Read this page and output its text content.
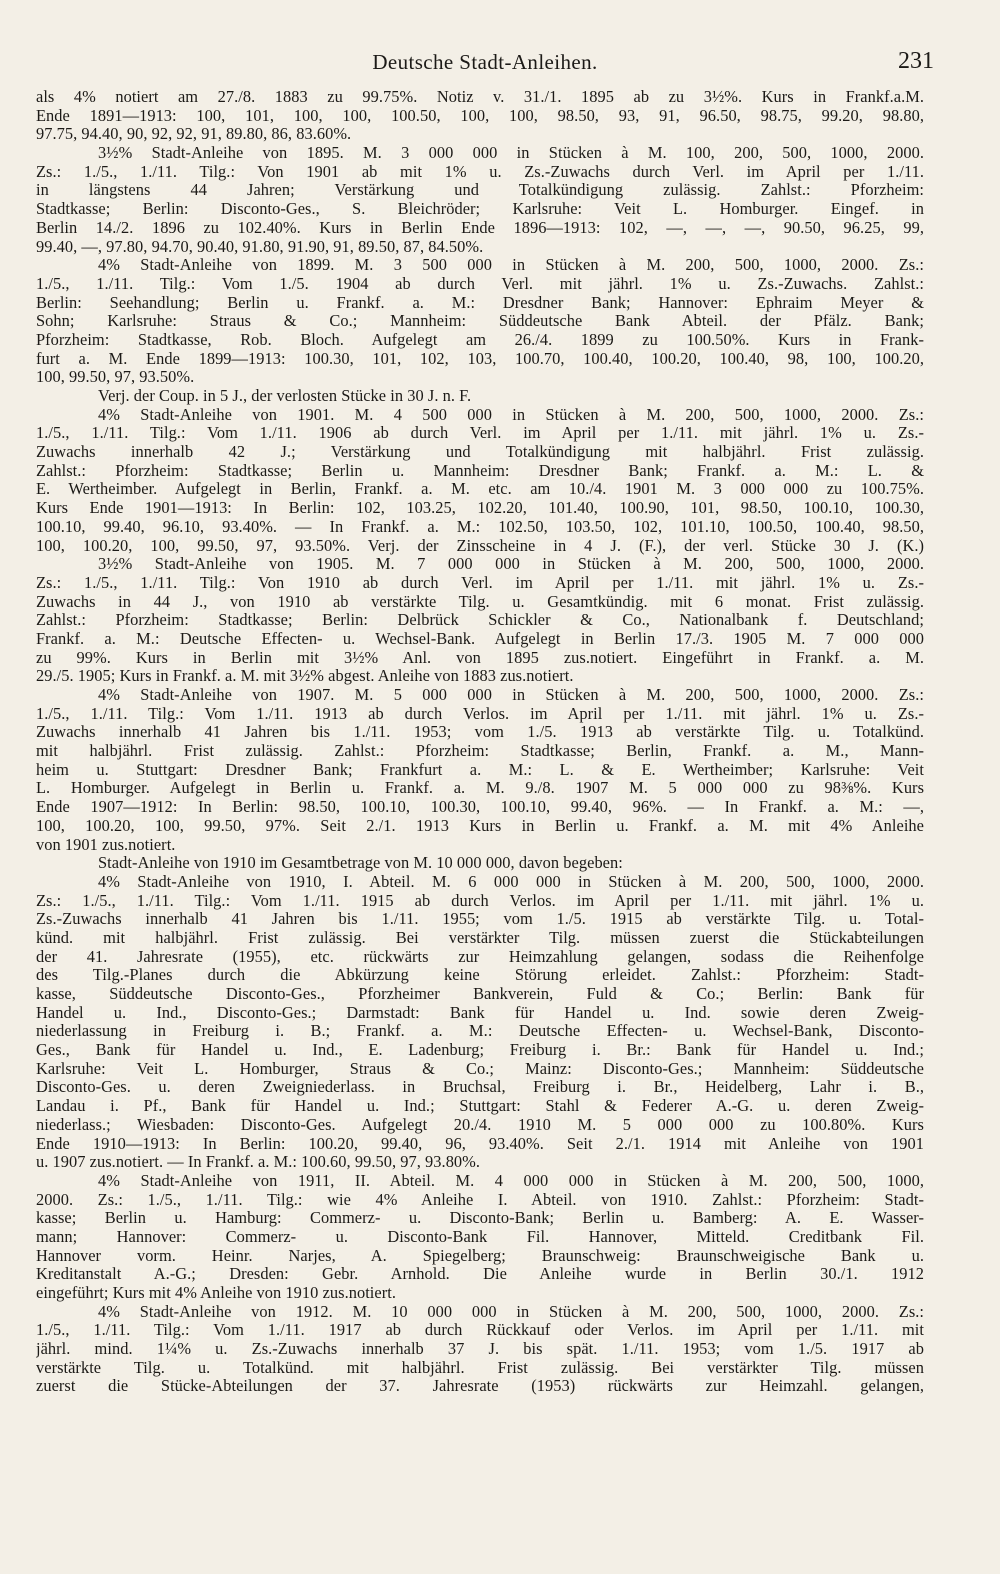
Deutsche Stadt-Anleihen.	231
als 4% notiert am 27./8. 1883 zu 99.75%. Notiz v. 31./1. 1895 ab zu 3½%. Kurs in Frankf.a.M.
Ende 1891—1913: 100, 101, 100, 100, 100.50, 100, 100, 98.50, 93, 91, 96.50, 98.75, 99.20, 98.80,
97.75, 94.40, 90, 92, 92, 91, 89.80, 86, 83.60%.
3½% Stadt-Anleihe von 1895. M. 3 000 000 in Stücken à M. 100, 200, 500, 1000, 2000.
Zs.: 1./5., 1./11. Tilg.: Von 1901 ab mit 1% u. Zs.-Zuwachs durch Verl. im April per 1./11.
in längstens 44 Jahren; Verstärkung und Totalkündigung zulässig. Zahlst.: Pforzheim:
Stadtkasse; Berlin: Disconto-Ges., S. Bleichröder; Karlsruhe: Veit L. Homburger. Eingef. in
Berlin 14./2. 1896 zu 102.40%. Kurs in Berlin Ende 1896—1913: 102, —, —, —, 90.50, 96.25, 99,
99.40, —, 97.80, 94.70, 90.40, 91.80, 91.90, 91, 89.50, 87, 84.50%.
4% Stadt-Anleihe von 1899. M. 3 500 000 in Stücken à M. 200, 500, 1000, 2000. Zs.:
1./5., 1./11. Tilg.: Vom 1./5. 1904 ab durch Verl. mit jährl. 1% u. Zs.-Zuwachs. Zahlst.:
Berlin: Seehandlung; Berlin u. Frankf. a. M.: Dresdner Bank; Hannover: Ephraim Meyer &
Sohn; Karlsruhe: Straus & Co.; Mannheim: Süddeutsche Bank Abteil. der Pfälz. Bank;
Pforzheim: Stadtkasse, Rob. Bloch. Aufgelegt am 26./4. 1899 zu 100.50%. Kurs in Frank-
furt a. M. Ende 1899—1913: 100.30, 101, 102, 103, 100.70, 100.40, 100.20, 100.40, 98, 100, 100.20,
100, 99.50, 97, 93.50%.
Verj. der Coup. in 5 J., der verlosten Stücke in 30 J. n. F.
4% Stadt-Anleihe von 1901. M. 4 500 000 in Stücken à M. 200, 500, 1000, 2000. Zs.:
1./5., 1./11. Tilg.: Vom 1./11. 1906 ab durch Verl. im April per 1./11. mit jährl. 1% u. Zs.-
Zuwachs innerhalb 42 J.; Verstärkung und Totalkündigung mit halbjährl. Frist zulässig.
Zahlst.: Pforzheim: Stadtkasse; Berlin u. Mannheim: Dresdner Bank; Frankf. a. M.: L. &
E. Wertheimber. Aufgelegt in Berlin, Frankf. a. M. etc. am 10./4. 1901 M. 3 000 000 zu 100.75%.
Kurs Ende 1901—1913: In Berlin: 102, 103.25, 102.20, 101.40, 100.90, 101, 98.50, 100.10, 100.30,
100.10, 99.40, 96.10, 93.40%. — In Frankf. a. M.: 102.50, 103.50, 102, 101.10, 100.50, 100.40, 98.50,
100, 100.20, 100, 99.50, 97, 93.50%. Verj. der Zinsscheine in 4 J. (F.), der verl. Stücke 30 J. (K.)
3½% Stadt-Anleihe von 1905. M. 7 000 000 in Stücken à M. 200, 500, 1000, 2000.
Zs.: 1./5., 1./11. Tilg.: Von 1910 ab durch Verl. im April per 1./11. mit jährl. 1% u. Zs.-
Zuwachs in 44 J., von 1910 ab verstärkte Tilg. u. Gesamtkündig. mit 6 monat. Frist zulässig.
Zahlst.: Pforzheim: Stadtkasse; Berlin: Delbrück Schickler & Co., Nationalbank f. Deutschland;
Frankf. a. M.: Deutsche Effecten- u. Wechsel-Bank. Aufgelegt in Berlin 17./3. 1905 M. 7 000 000
zu 99%. Kurs in Berlin mit 3½% Anl. von 1895 zus.notiert. Eingeführt in Frankf. a. M.
29./5. 1905; Kurs in Frankf. a. M. mit 3½% abgest. Anleihe von 1883 zus.notiert.
4% Stadt-Anleihe von 1907. M. 5 000 000 in Stücken à M. 200, 500, 1000, 2000. Zs.:
1./5., 1./11. Tilg.: Vom 1./11. 1913 ab durch Verlos. im April per 1./11. mit jährl. 1% u. Zs.-
Zuwachs innerhalb 41 Jahren bis 1./11. 1953; vom 1./5. 1913 ab verstärkte Tilg. u. Totalkünd.
mit halbjährl. Frist zulässig. Zahlst.: Pforzheim: Stadtkasse; Berlin, Frankf. a. M., Mann-
heim u. Stuttgart: Dresdner Bank; Frankfurt a. M.: L. & E. Wertheimber; Karlsruhe: Veit
L. Homburger. Aufgelegt in Berlin u. Frankf. a. M. 9./8. 1907 M. 5 000 000 zu 98⅜%. Kurs
Ende 1907—1912: In Berlin: 98.50, 100.10, 100.30, 100.10, 99.40, 96%. — In Frankf. a. M.: —,
100, 100.20, 100, 99.50, 97%. Seit 2./1. 1913 Kurs in Berlin u. Frankf. a. M. mit 4% Anleihe
von 1901 zus.notiert.
Stadt-Anleihe von 1910 im Gesamtbetrage von M. 10 000 000, davon begeben:
4% Stadt-Anleihe von 1910, I. Abteil. M. 6 000 000 in Stücken à M. 200, 500, 1000, 2000.
Zs.: 1./5., 1./11. Tilg.: Vom 1./11. 1915 ab durch Verlos. im April per 1./11. mit jährl. 1% u.
Zs.-Zuwachs innerhalb 41 Jahren bis 1./11. 1955; vom 1./5. 1915 ab verstärkte Tilg. u. Total-
künd. mit halbjährl. Frist zulässig. Bei verstärkter Tilg. müssen zuerst die Stückabteilungen
der 41. Jahresrate (1955), etc. rückwärts zur Heimzahlung gelangen, sodass die Reihenfolge
des Tilg.-Planes durch die Abkürzung keine Störung erleidet. Zahlst.: Pforzheim: Stadt-
kasse, Süddeutsche Disconto-Ges., Pforzheimer Bankverein, Fuld & Co.; Berlin: Bank für
Handel u. Ind., Disconto-Ges.; Darmstadt: Bank für Handel u. Ind. sowie deren Zweig-
niederlassung in Freiburg i. B.; Frankf. a. M.: Deutsche Effecten- u. Wechsel-Bank, Disconto-
Ges., Bank für Handel u. Ind., E. Ladenburg; Freiburg i. Br.: Bank für Handel u. Ind.;
Karlsruhe: Veit L. Homburger, Straus & Co.; Mainz: Disconto-Ges.; Mannheim: Süddeutsche
Disconto-Ges. u. deren Zweigniederlass. in Bruchsal, Freiburg i. Br., Heidelberg, Lahr i. B.,
Landau i. Pf., Bank für Handel u. Ind.; Stuttgart: Stahl & Federer A.-G. u. deren Zweig-
niederlass.; Wiesbaden: Disconto-Ges. Aufgelegt 20./4. 1910 M. 5 000 000 zu 100.80%. Kurs
Ende 1910—1913: In Berlin: 100.20, 99.40, 96, 93.40%. Seit 2./1. 1914 mit Anleihe von 1901
u. 1907 zus.notiert. — In Frankf. a. M.: 100.60, 99.50, 97, 93.80%.
4% Stadt-Anleihe von 1911, II. Abteil. M. 4 000 000 in Stücken à M. 200, 500, 1000,
2000. Zs.: 1./5., 1./11. Tilg.: wie 4% Anleihe I. Abteil. von 1910. Zahlst.: Pforzheim: Stadt-
kasse; Berlin u. Hamburg: Commerz- u. Disconto-Bank; Berlin u. Bamberg: A. E. Wasser-
mann; Hannover: Commerz- u. Disconto-Bank Fil. Hannover, Mitteld. Creditbank Fil.
Hannover vorm. Heinr. Narjes, A. Spiegelberg; Braunschweig: Braunschweigische Bank u.
Kreditanstalt A.-G.; Dresden: Gebr. Arnhold. Die Anleihe wurde in Berlin 30./1. 1912
eingeführt; Kurs mit 4% Anleihe von 1910 zus.notiert.
4% Stadt-Anleihe von 1912. M. 10 000 000 in Stücken à M. 200, 500, 1000, 2000. Zs.:
1./5., 1./11. Tilg.: Vom 1./11. 1917 ab durch Rückkauf oder Verlos. im April per 1./11. mit
jährl. mind. 1¼% u. Zs.-Zuwachs innerhalb 37 J. bis spät. 1./11. 1953; vom 1./5. 1917 ab
verstärkte Tilg. u. Totalkünd. mit halbjährl. Frist zulässig. Bei verstärkter Tilg. müssen
zuerst die Stücke-Abteilungen der 37. Jahresrate (1953) rückwärts zur Heimzahl. gelangen,
